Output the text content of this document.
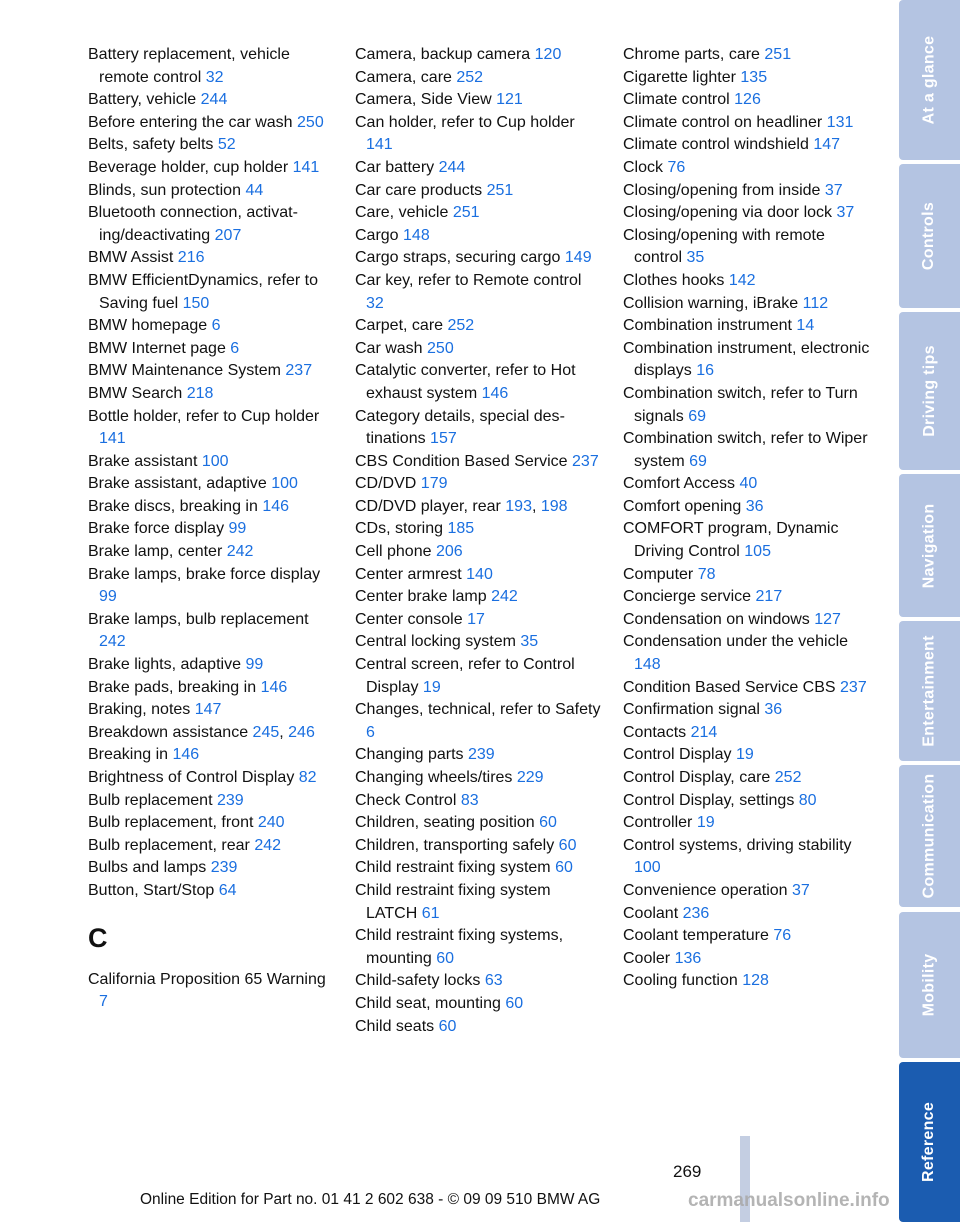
Battery replacement, vehicle remote control 32
Battery, vehicle 244
Before entering the car wash 250
Belts, safety belts 52
Beverage holder, cup holder 141
Blinds, sun protection 44
Bluetooth connection, activating/deactivating 207
BMW Assist 216
BMW EfficientDynamics, refer to Saving fuel 150
BMW homepage 6
BMW Internet page 6
BMW Maintenance System 237
BMW Search 218
Bottle holder, refer to Cup holder 141
Brake assistant 100
Brake assistant, adaptive 100
Brake discs, breaking in 146
Brake force display 99
Brake lamp, center 242
Brake lamps, brake force display 99
Brake lamps, bulb replacement 242
Brake lights, adaptive 99
Brake pads, breaking in 146
Braking, notes 147
Breakdown assistance 245, 246
Breaking in 146
Brightness of Control Display 82
Bulb replacement 239
Bulb replacement, front 240
Bulb replacement, rear 242
Bulbs and lamps 239
Button, Start/Stop 64
C
California Proposition 65 Warning 7
Camera, backup camera 120
Camera, care 252
Camera, Side View 121
Can holder, refer to Cup holder 141
Car battery 244
Car care products 251
Care, vehicle 251
Cargo 148
Cargo straps, securing cargo 149
Car key, refer to Remote control 32
Carpet, care 252
Car wash 250
Catalytic converter, refer to Hot exhaust system 146
Category details, special destinations 157
CBS Condition Based Service 237
CD/DVD 179
CD/DVD player, rear 193, 198
CDs, storing 185
Cell phone 206
Center armrest 140
Center brake lamp 242
Center console 17
Central locking system 35
Central screen, refer to Control Display 19
Changes, technical, refer to Safety 6
Changing parts 239
Changing wheels/tires 229
Check Control 83
Children, seating position 60
Children, transporting safely 60
Child restraint fixing system 60
Child restraint fixing system LATCH 61
Child restraint fixing systems, mounting 60
Child-safety locks 63
Child seat, mounting 60
Child seats 60
Chrome parts, care 251
Cigarette lighter 135
Climate control 126
Climate control on headliner 131
Climate control windshield 147
Clock 76
Closing/opening from inside 37
Closing/opening via door lock 37
Closing/opening with remote control 35
Clothes hooks 142
Collision warning, iBrake 112
Combination instrument 14
Combination instrument, electronic displays 16
Combination switch, refer to Turn signals 69
Combination switch, refer to Wiper system 69
Comfort Access 40
Comfort opening 36
COMFORT program, Dynamic Driving Control 105
Computer 78
Concierge service 217
Condensation on windows 127
Condensation under the vehicle 148
Condition Based Service CBS 237
Confirmation signal 36
Contacts 214
Control Display 19
Control Display, care 252
Control Display, settings 80
Controller 19
Control systems, driving stability 100
Convenience operation 37
Coolant 236
Coolant temperature 76
Cooler 136
Cooling function 128
At a glance
Controls
Driving tips
Navigation
Entertainment
Communication
Mobility
Reference
269
Online Edition for Part no. 01 41 2 602 638 - © 09 09 510 BMW AG	carmanualsonline.info
